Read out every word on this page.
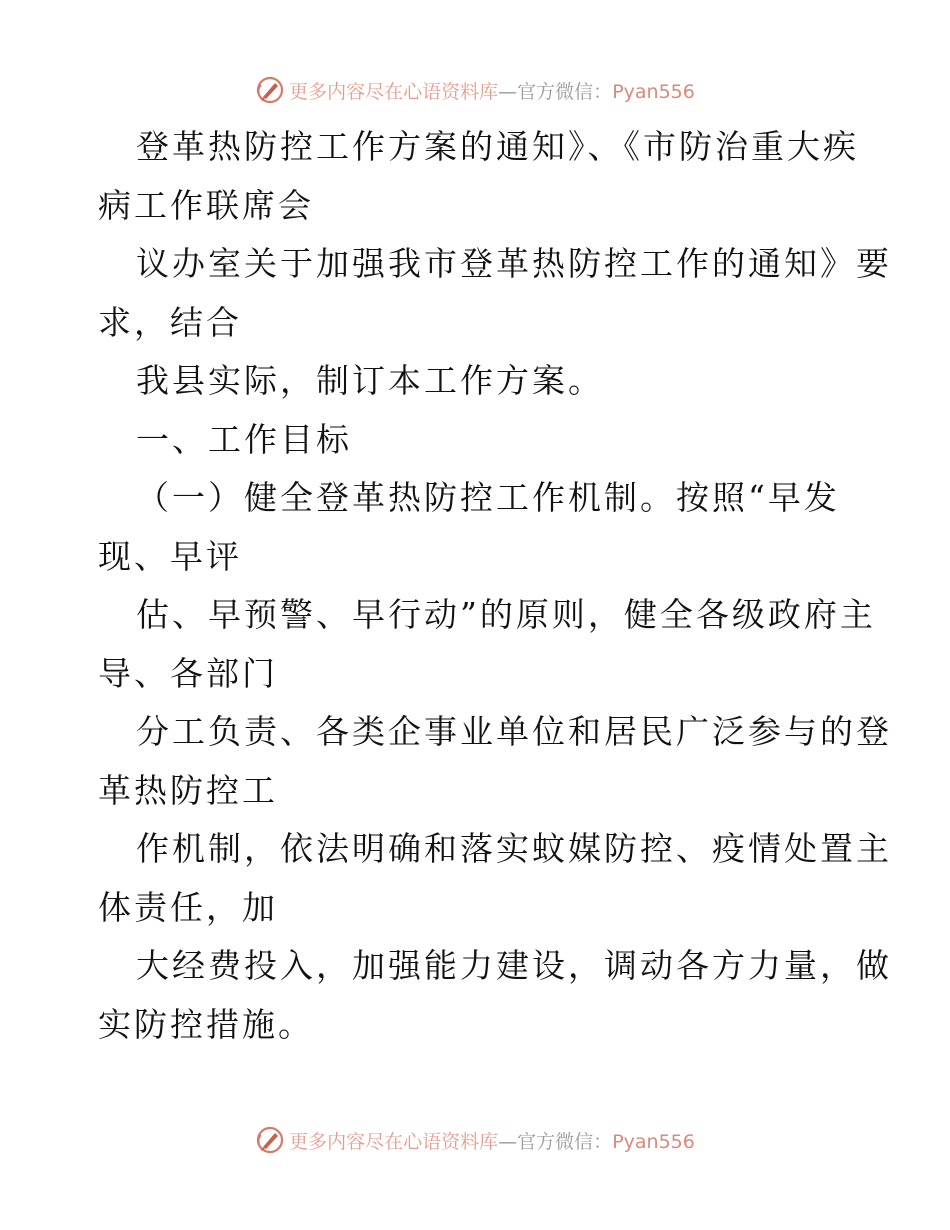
更多内容尽在心语资料库—官方微信：Pyan556
登革热防控工作方案的通知》、《市防治重大疾
病工作联席会
议办室关于加强我市登革热防控工作的通知》要
求，结合
我县实际，制订本工作方案。
一、工作目标
（一）健全登革热防控工作机制。按照“早发
现、早评
估、早预警、早行动”的原则，健全各级政府主
导、各部门
分工负责、各类企事业单位和居民广泛参与的登
革热防控工
作机制，依法明确和落实蚊媒防控、疫情处置主
体责任，加
大经费投入，加强能力建设，调动各方力量，做
实防控措施。
更多内容尽在心语资料库—官方微信：Pyan556
